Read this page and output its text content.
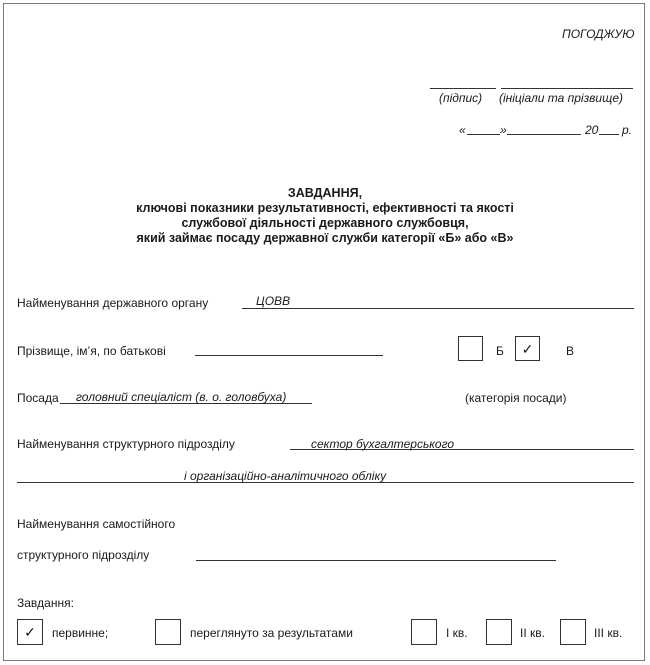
ПОГОДЖУЮ
(підпис) (ініціали та прізвище)
«	»	20 р.
ЗАВДАННЯ,
ключові показники результативності, ефективності та якості
службової діяльності державного службовця,
який займає посаду державної служби категорії «Б» або «В»
Найменування державного органу	ЦОВВ
Прізвище, ім’я, по батькові	Б	✓	В
Посада головний спеціаліст (в. о. головбуха)	(категорія посади)
Найменування структурного підрозділу	сектор бухгалтерського
і організаційно-аналітичного обліку
Найменування самостійного
структурного підрозділу
Завдання:
✓	первинне;	переглянуто за результатами	І кв.	ІІ кв.	ІІІ кв.
